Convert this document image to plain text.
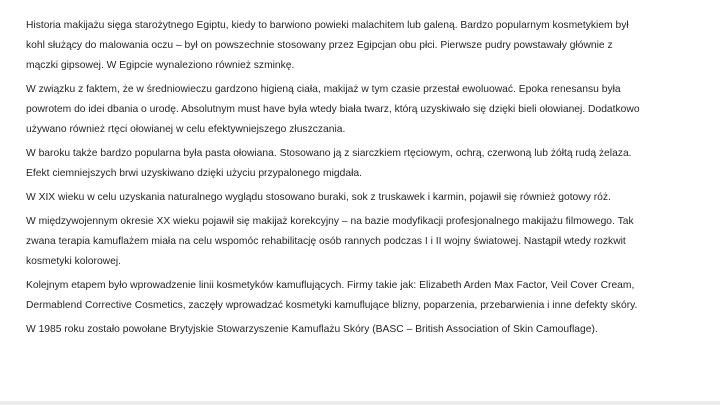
Historia makijażu sięga starożytnego Egiptu, kiedy to barwiono powieki malachitem lub galeną. Bardzo popularnym kosmetykiem był
kohl służący do malowania oczu – był on powszechnie stosowany przez Egipcjan obu płci. Pierwsze pudry powstawały głównie z
mączki gipsowej. W Egipcie wynaleziono również szminkę.

W związku z faktem, że w średniowieczu gardzono higieną ciała, makijaż w tym czasie przestał ewoluować. Epoka renesansu była
powrotem do idei dbania o urodę. Absolutnym must have była wtedy biała twarz, którą uzyskiwało się dzięki bieli ołowianej. Dodatkowo
używano również rtęci ołowianej w celu efektywniejszego złuszczania.

W baroku także bardzo popularna była pasta ołowiana. Stosowano ją z siarczkiem rtęciowym, ochrą, czerwoną lub żółtą rudą żelaza.
Efekt ciemniejszych brwi uzyskiwano dzięki użyciu przypalonego migdała.

W XIX wieku w celu uzyskania naturalnego wyglądu stosowano buraki, sok z truskawek i karmin, pojawił się również gotowy róż.

W międzywojennym okresie XX wieku pojawił się makijaż korekcyjny – na bazie modyfikacji profesjonalnego makijażu filmowego. Tak
zwana terapia kamuflażem miała na celu wspomóc rehabilitację osób rannych podczas I i II wojny światowej. Nastąpił wtedy rozkwit
kosmetyki kolorowej.

Kolejnym etapem było wprowadzenie linii kosmetyków kamuflujących. Firmy takie jak: Elizabeth Arden Max Factor, Veil Cover Cream,
Dermablend Corrective Cosmetics, zaczęły wprowadzać kosmetyki kamuflujące blizny, poparzenia, przebarwienia i inne defekty skóry.

W 1985 roku zostało powołane Brytyjskie Stowarzyszenie Kamuflażu Skóry (BASC – British Association of Skin Camouflage).
